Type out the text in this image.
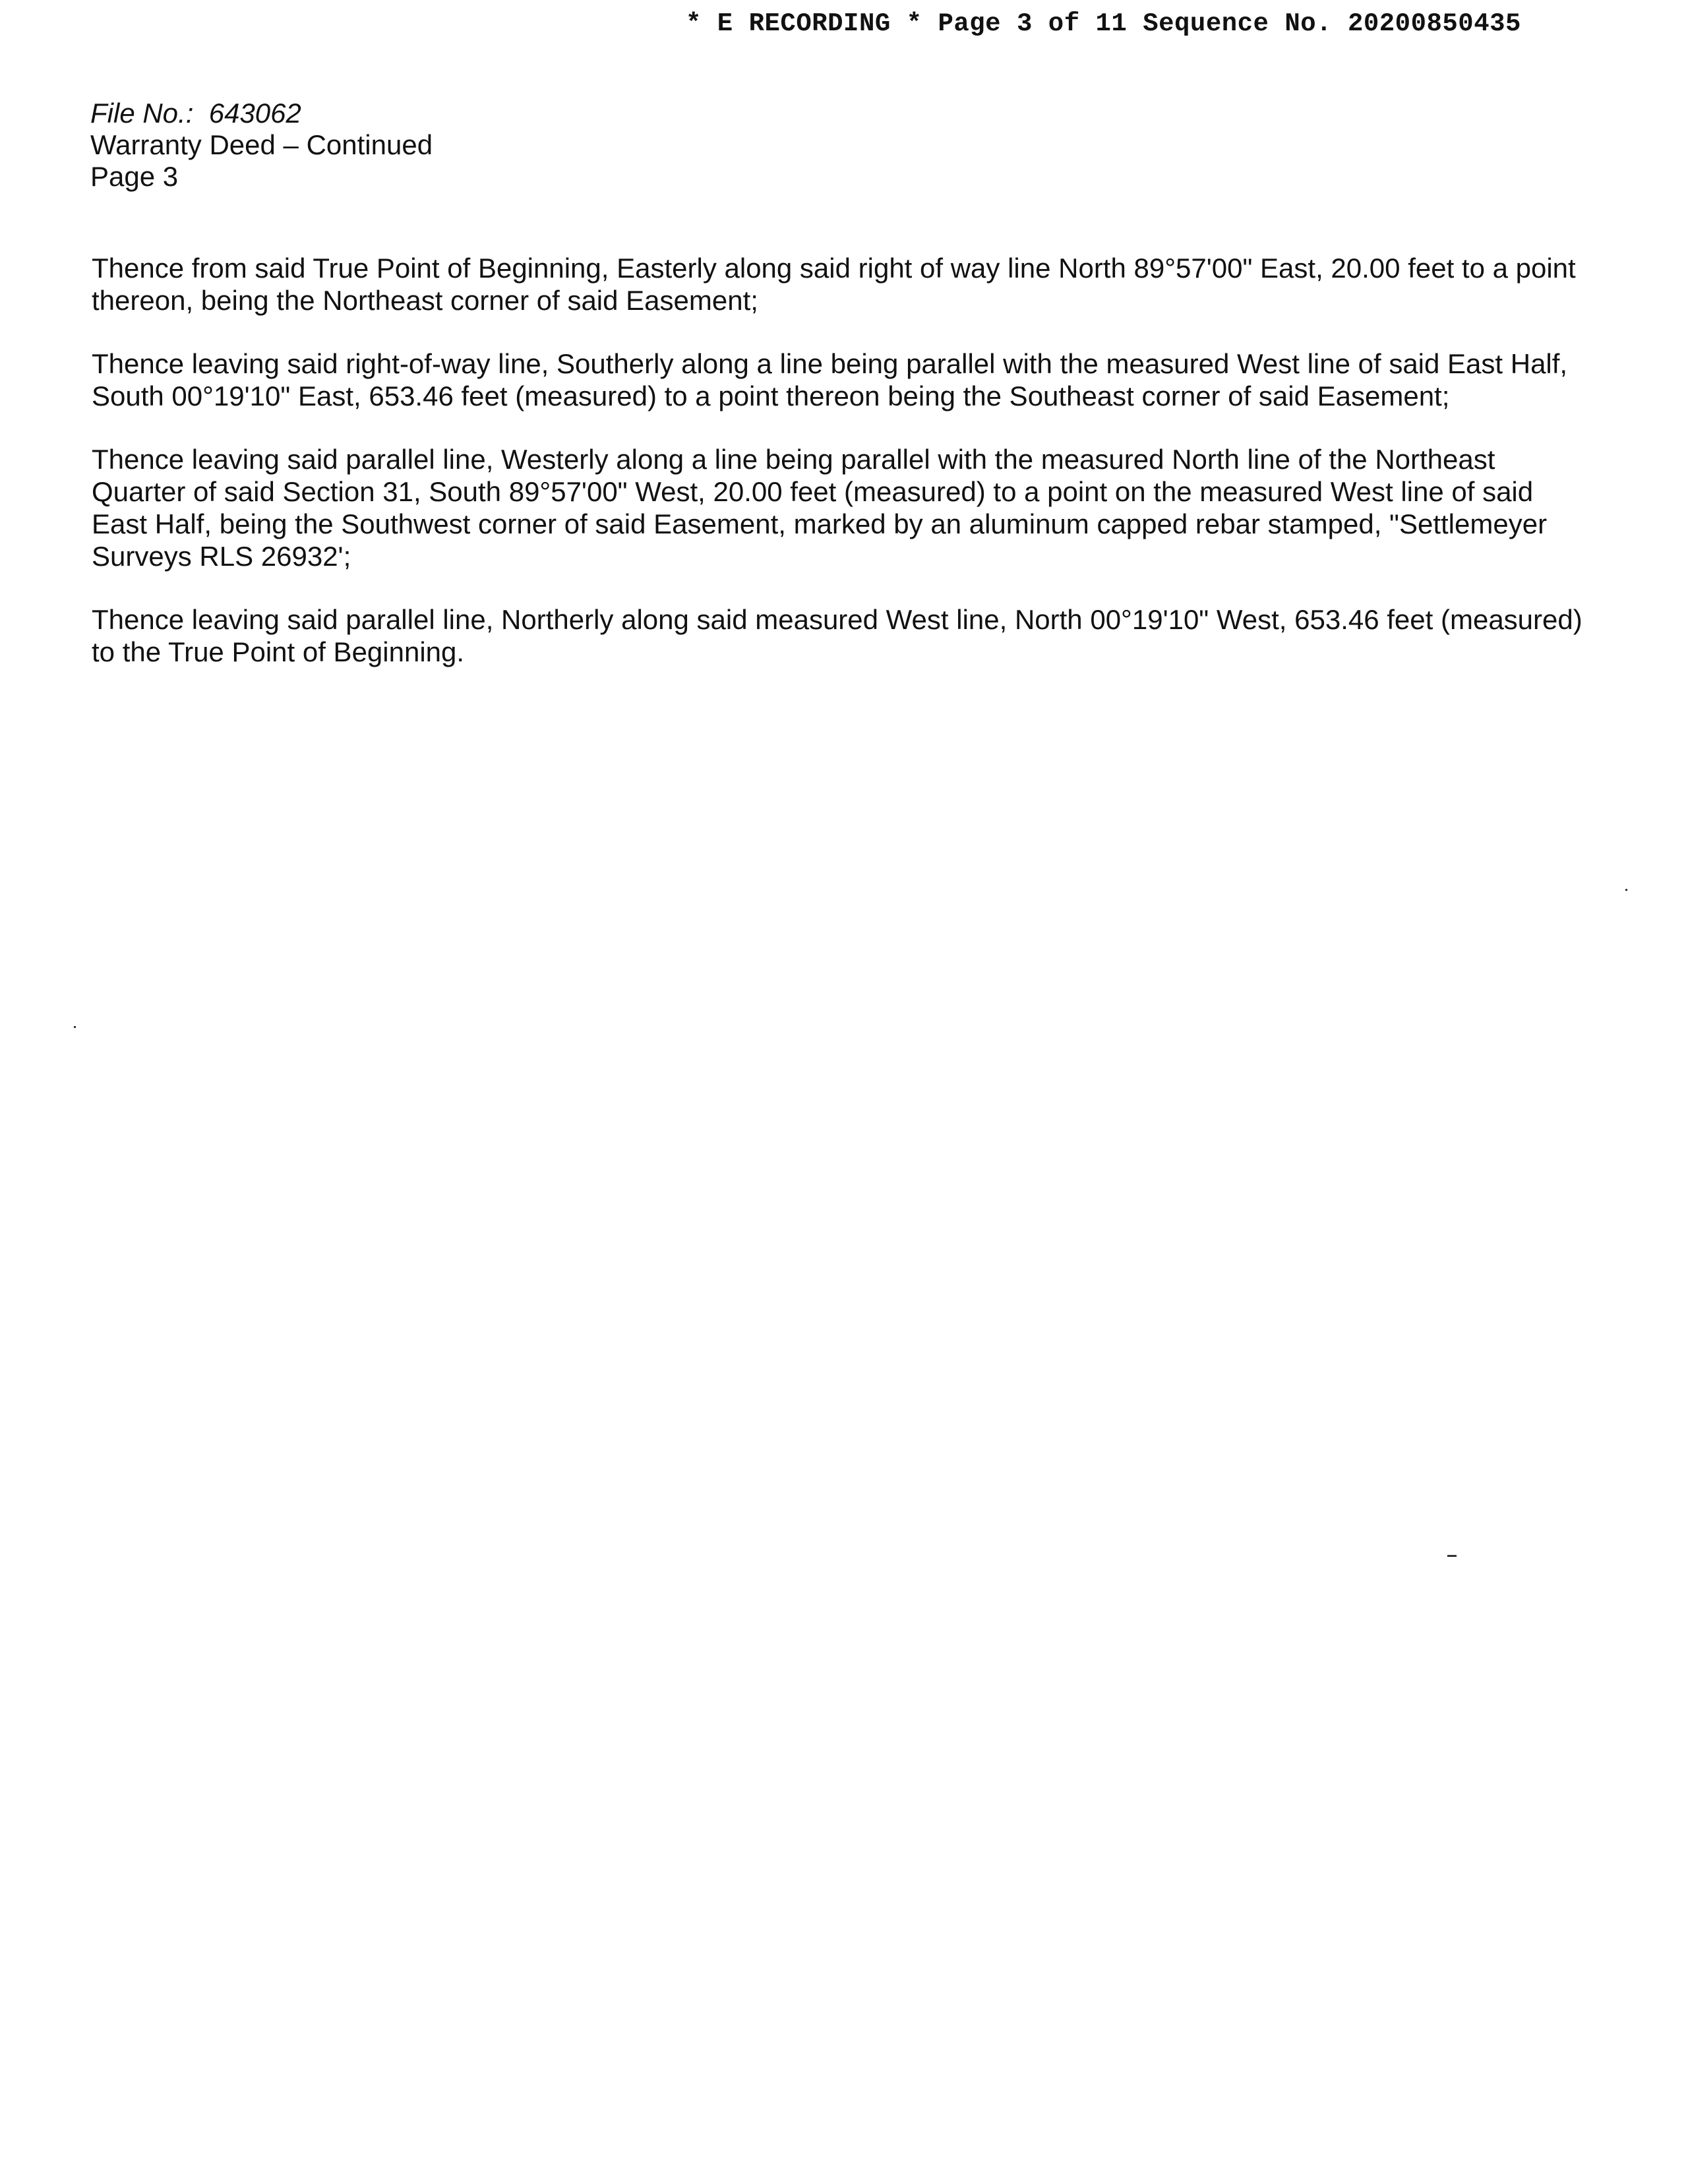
* E RECORDING * Page 3 of 11 Sequence No. 20200850435
File No.: 643062
Warranty Deed – Continued
Page 3

Thence from said True Point of Beginning, Easterly along said right of way line North 89°57'00" East, 20.00 feet to a point thereon, being the Northeast corner of said Easement;

Thence leaving said right-of-way line, Southerly along a line being parallel with the measured West line of said East Half, South 00°19'10" East, 653.46 feet (measured) to a point thereon being the Southeast corner of said Easement;

Thence leaving said parallel line, Westerly along a line being parallel with the measured North line of the Northeast Quarter of said Section 31, South 89°57'00" West, 20.00 feet (measured) to a point on the measured West line of said East Half, being the Southwest corner of said Easement, marked by an aluminum capped rebar stamped, "Settlemeyer Surveys RLS 26932';

Thence leaving said parallel line, Northerly along said measured West line, North 00°19'10" West, 653.46 feet (measured) to the True Point of Beginning.
